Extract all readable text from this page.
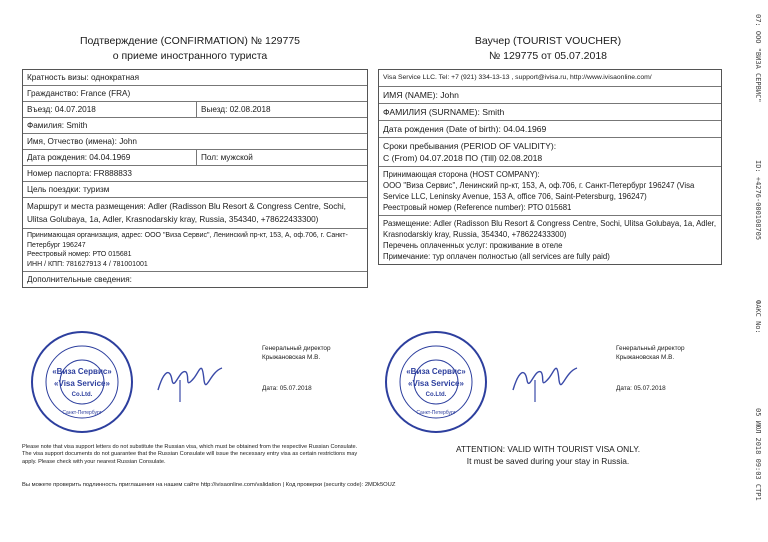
Подтверждение (CONFIRMATION) № 129775
о приеме иностранного туриста
Ваучер (TOURIST VOUCHER)
№ 129775 от 05.07.2018
Кратность визы: однократная
Гражданство: France (FRA)
Въезд: 04.07.2018	Выезд: 02.08.2018
Фамилия: Smith
Имя, Отчество (имена): John
Дата рождения: 04.04.1969	Пол: мужской
Номер паспорта: FR888833
Цель поездки: туризм
Маршрут и места размещения: Adler (Radisson Blu Resort & Congress Centre, Sochi, Ulitsa Golubaya, 1a, Adler, Krasnodarskiy kray, Russia, 354340, +78622433300)
Принимающая организация, адрес: ООО "Виза Сервис", Ленинский пр-кт, 153, А, оф.706, г. Санкт-Петербург 196247
Реестровый номер: РТО 015681
ИНН / КПП: 781627913 4 / 781001001
Дополнительные сведения:
Visa Service LLC. Tel: +7 (921) 334-13-13 , support@ivisa.ru, http://www.ivisaonline.com/
ИМЯ (NAME): John
ФАМИЛИЯ (SURNAME): Smith
Дата рождения (Date of birth): 04.04.1969
Сроки пребывания (PERIOD OF VALIDITY):
С (From) 04.07.2018 ПО (Till) 02.08.2018
Принимающая сторона (HOST COMPANY):
ООО "Виза Сервис", Ленинский пр-кт, 153, А, оф.706, г. Санкт-Петербург 196247 (Visa Service LLC, Leninsky Avenue, 153 A, office 706, Saint-Petersburg, 196247)
Реестровый номер (Reference number): РТО 015681
Размещение: Adler (Radisson Blu Resort & Congress Centre, Sochi, Ulitsa Golubaya, 1a, Adler, Krasnodarskiy kray, Russia, 354340, +78622433300)
Перечень оплаченных услуг: проживание в отеле
Примечание: тур оплачен полностью (all services are fully paid)
«Виза Сервис»
«Visa Service»
Co.Ltd.
Санкт-Петербург
Генеральный директор
Крыжановская М.В.
Дата: 05.07.2018
«Виза Сервис»
«Visa Service»
Co.Ltd.
Санкт-Петербург
Генеральный директор
Крыжановская М.В.
Дата: 05.07.2018
Please note that visa support letters do not substitute the Russian visa, which must be obtained from the respective Russian Consulate. The visa support documents do not guarantee that the Russian Consulate will issue the necessary entry visa as certain restrictions may apply. Please check with your nearest Russian Consulate.
ATTENTION: VALID WITH TOURIST VISA ONLY.
It must be saved during your stay in Russia.
Вы можете проверить подлинность приглашения на нашем сайте http://ivisaonline.com/validation | Код проверки (security code): 2MDk5OUZ
07: ООО "ВИЗА СЕРВИС"
ID: +4276-000108705
ФАКС No:
05 ИЮЛ 2018 09:03 СТР1
